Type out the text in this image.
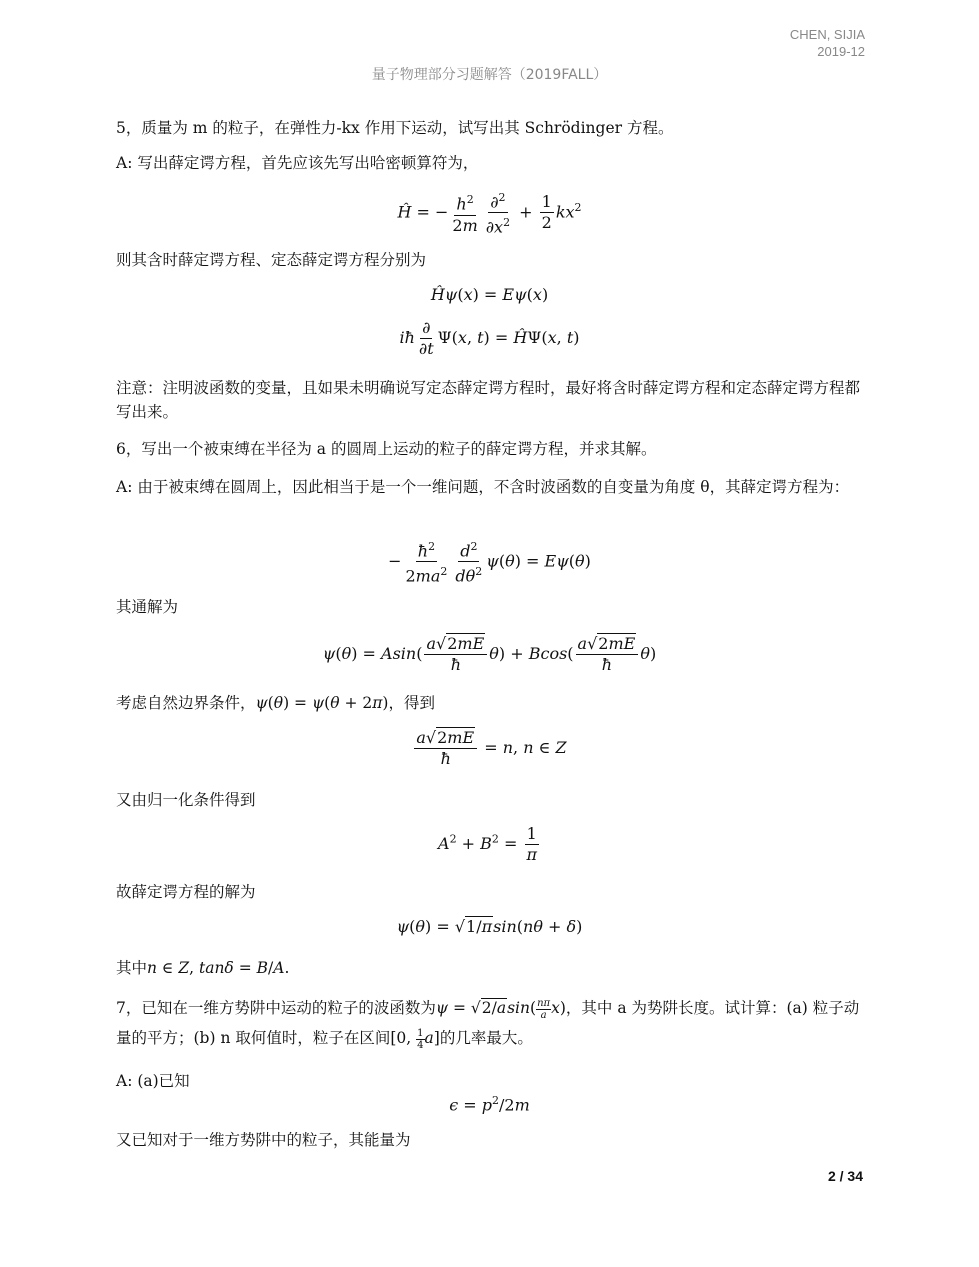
CHEN, SIJIA
2019-12
量子物理部分习题解答（2019FALL）
5，质量为 m 的粒子，在弹性力-kx 作用下运动，试写出其 Schrödinger 方程。
A: 写出薛定谔方程，首先应该先写出哈密顿算符为，
Ĥ = − $\frac{h^2}{2m} \frac{\partial^2}{\partial x^2} + \frac{1}{2} kx^2$
则其含时薛定谔方程、定态薛定谔方程分别为
Ĥψ(x) = Eψ(x)
iħ $\frac{\partial}{\partial t} \Psi(x$, t) = ĤΨ(x, t)
注意：注明波函数的变量，且如果未明确说写定态薛定谔方程时，最好将含时薛定谔方程和定态薛定谔方程都写出来。
6，写出一个被束缚在半径为 a 的圆周上运动的粒子的薛定谔方程，并求其解。
A: 由于被束缚在圆周上，因此相当于是一个一维问题，不含时波函数的自变量为角度 θ，其薛定谔方程为：
− $\frac{ħ^2}{2ma^2} \frac{d^2}{d\theta^2} \psi(\theta) = E\psi(\theta)$
其通解为
$\psi(\theta) = Asin( \frac{a√2mE}{ħ} \theta) + Bcos( \frac{a√2mE}{ħ} \theta)$
考虑自然边界条件，ψ(θ) = ψ(θ + 2π)，得到
$\frac{a√2mE}{ħ} = n$, n ∈ Z
又由归一化条件得到
$A^2 + B^2 = \frac{1}{\pi}$
故薛定谔方程的解为
ψ(θ) = √1/πsin(nθ + δ)
其中n ∈ Z, tanδ = B/A.
7，已知在一维方势阱中运动的粒子的波函数为$\psi = √2/asin( \frac{n\pi}{a} x)$，其中 a 为势阱长度。试计算：(a) 粒子动量的平方；(b) n 取何值时，粒子在区间[0, $\frac{1}{4} a$]的几率最大。
A: (a)已知
$\epsilon = p^2/2m$
又已知对于一维方势阱中的粒子，其能量为
2 / 34
